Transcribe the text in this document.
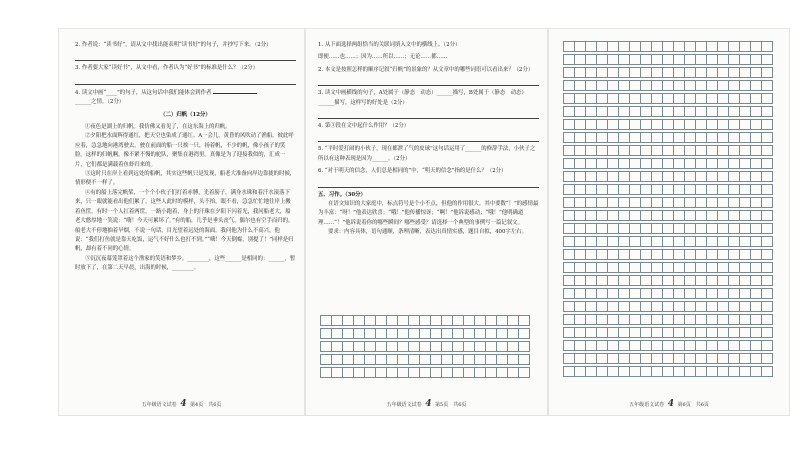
2. 作者说：“读书好”，请从文中找出能表明“读书好”的句子，并抄写下来。（2分）
3. 作者要大家“读好书”，从文中看，作者认为“好书”的标准是什么？（2分）
4. 读文中画“____”的句子，从这句话中我们能体会到作者
______之情。（2分）
（二）归帆（12分）
①夜色是湖上的归帆。我仿佛又看见了，在这东海上的归帆。
②夕阳把水面辉得通红，把天空也染成了通红。A一会儿，黄昏的风吹动了渔船，彼此呼应着，急急地向港湾驶去。驶在前面的船一只挨一只，扬着帆，不少的帆，像小孩子的笑脸。这样的归帆啊，像不紧不慢的驼队，聚集在港湾里。真像是为了迎接我似的，汇成一片，它们都是满载着鱼虾归来的。
③这时只在岸上看到远处的船帆，其实这些帆只是发现，船老大准备向岸边靠拢的时候，情形便不一样了。
④有的船上落完帆桨，一个个小伙子们打着赤膊，光着膀子，满身水珠和着汗水滚落下来，只一眼就能看出他们累了。这些人此时的模样，头不抬，眼不看，急急忙忙地往岸上搬着鱼筐，有时一个人扛着两筐，一路小跑着，身上的汗珠在夕阳下闪着光，我问船老大，船老大憨厚地一笑说：“嗨！今天可累坏了。”有的船，几乎是垂头丧气，偶尔也有空手而归的。船老大不停地抽着旱烟，不说一句话，目光望着远处的海面。我问他为什么不高兴，他说：“我们打鱼就是靠天吃饭，运气不好什么也打不到。”“嗨！今天倒霉，别提了！”同样是归帆，却有着不同的心情。
⑤沉沉夜幕笼罩着这个渔家的笑语和梦乡。________，这些______是相同的：______，暂时放下了，在第二天早晨，出海的时候，________。
五年级语文试卷 4 第4页　共6页
1. 从下面选择两组恰当的关联词填入文中的横线上。（2分）
即便……也……；因为……所以……；无论……都……
2. 本文是按照怎样的顺序记叙“归帆”的景象的？从文章中的哪些词语可以看出来？（2分）
3. 读文中画横线的句子，A处属于（静态　动态）______描写，B处属于（静态　动态）______描写，这样写的好处是（2分）
4. 第③段在文中起什么作用？（2分）
5. “平时爱打闹的小伙子，现在都泄了气的皮球”这句话运用了______的修辞手法，小伙子之所以有这种表现是因为______。（2分）
6. “对于明天的信念，人们总是相同的”中，“明天的信念”指的是什么？（2分）
五、习作。（30分）
在语文知识的大家庭中，标点符号是个小不点，但他的作用很大。其中要数“！”的感情最为丰富：“呀！”他表达欣喜；“哦！”他传播惊讶；“啊！”他诉说感动；“哦！”他明确道理……“！”他诉说着你的哪些瞬间？哪些感受？请选择一个典型的事例写一篇记叙文。
要求：内容具体，语句通顺，条理清晰，表达出真情实感，题目自拟，400字左右。

五年级语文试卷 4 第5页　共6页

																			五年级语文试卷 4 第6页　共6页
